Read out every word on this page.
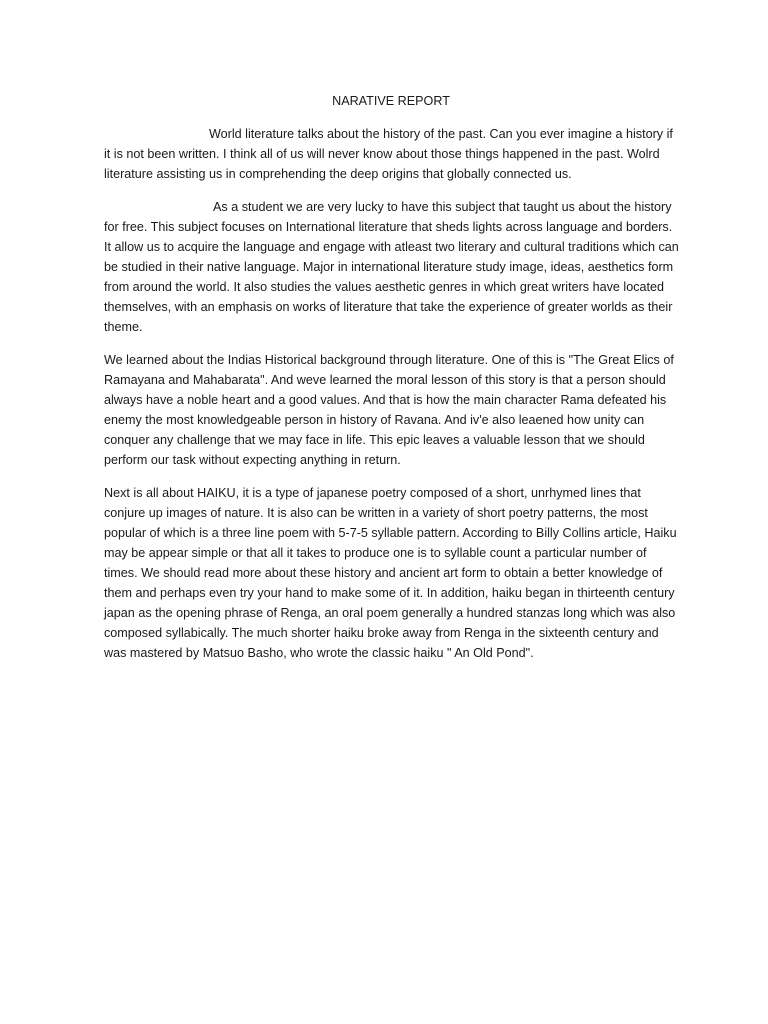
NARATIVE REPORT

World literature talks about the history of the past. Can you ever imagine a history if it is not been written. I think all of us will never know about those things happened in the past. Wolrd literature assisting us in comprehending the deep origins that globally connected us.

As a student we are very lucky to have this subject that taught us about the history for free. This subject focuses on International literature that sheds lights across language and borders. It allow us to acquire the language and engage with atleast two literary and cultural traditions which can be studied in their native language. Major in international literature study image, ideas, aesthetics form from around the world. It also studies the values aesthetic genres in which great writers have located themselves, with an emphasis on works of literature that take the experience of greater worlds as their theme.

We learned about the Indias Historical background through literature. One of this is "The Great Elics of Ramayana and Mahabarata". And weve learned the moral lesson of this story is that a person should always have a noble heart and a good values. And that is how the main character Rama defeated his enemy the most knowledgeable person in history of Ravana. And iv'e also leaened how unity can conquer any challenge that we may face in life. This epic leaves a valuable lesson that we should perform our task without expecting anything in return.

Next is all about HAIKU, it is a type of japanese poetry composed of a short, unrhymed lines that conjure up images of nature. It is also can be written in a variety of short poetry patterns, the most popular of which is a three line poem with 5-7-5 syllable pattern. According to Billy Collins article, Haiku may be appear simple or that all it takes to produce one is to syllable count a particular number of times. We should read more about these history and ancient art form to obtain a better knowledge of them and perhaps even try your hand to make some of it. In addition, haiku began in thirteenth century japan as the opening phrase of Renga, an oral poem generally a hundred stanzas long which was also composed syllabically. The much shorter haiku broke away from Renga in the sixteenth century and was mastered by Matsuo Basho, who wrote the classic haiku " An Old Pond".
